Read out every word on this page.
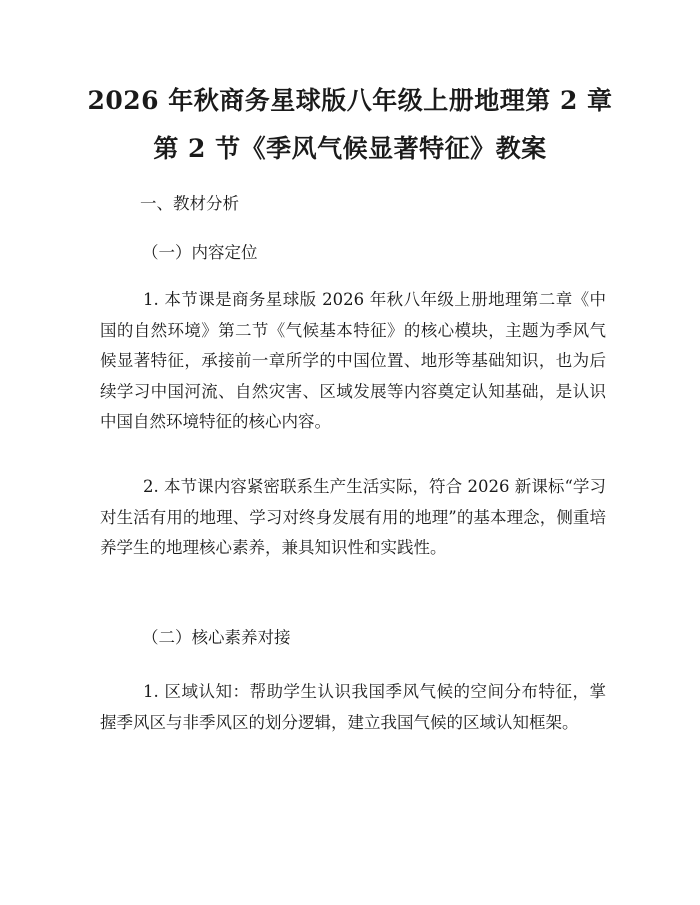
2026 年秋商务星球版八年级上册地理第 2 章
第 2 节《季风气候显著特征》教案
一、教材分析
（一）内容定位

1. 本节课是商务星球版 2026 年秋八年级上册地理第二章《中国的自然环境》第二节《气候基本特征》的核心模块，主题为季风气候显著特征，承接前一章所学的中国位置、地形等基础知识，也为后续学习中国河流、自然灾害、区域发展等内容奠定认知基础，是认识中国自然环境特征的核心内容。

2. 本节课内容紧密联系生产生活实际，符合 2026 新课标“学习对生活有用的地理、学习对终身发展有用的地理”的基本理念，侧重培养学生的地理核心素养，兼具知识性和实践性。

（二）核心素养对接

1. 区域认知：帮助学生认识我国季风气候的空间分布特征，掌握季风区与非季风区的划分逻辑，建立我国气候的区域认知框架。
